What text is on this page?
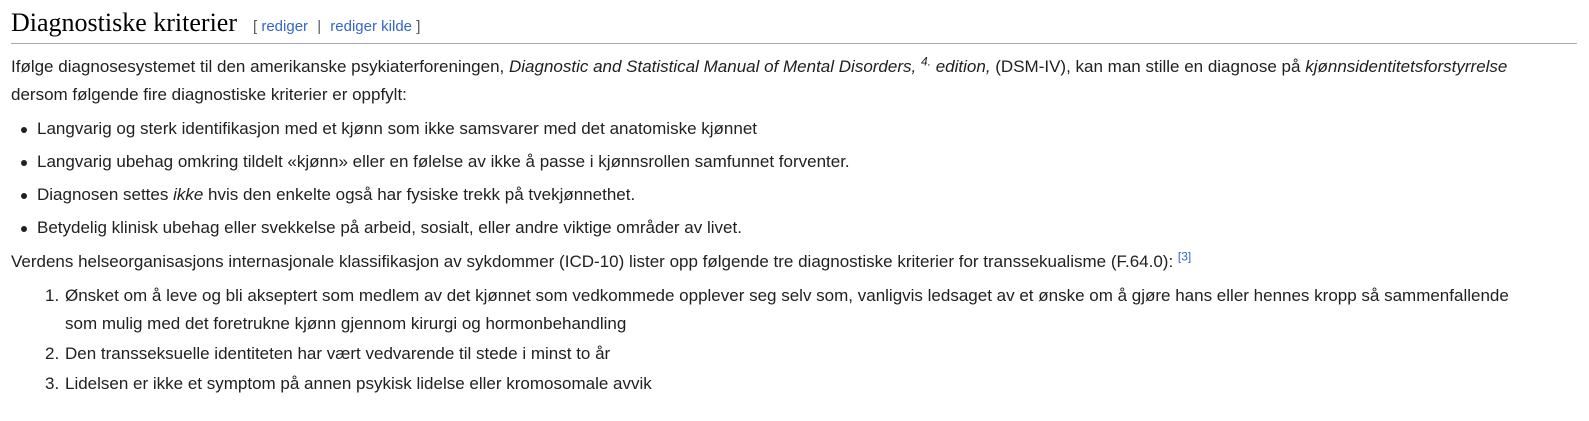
Diagnostiske kriterier [ rediger | rediger kilde ]

Ifølge diagnosesystemet til den amerikanske psykiaterforeningen, Diagnostic and Statistical Manual of Mental Disorders, $^{4.}$ edition, (DSM-IV), kan man stille en diagnose på kjønnsidentitetsforstyrrelse
dersom følgende fire diagnostiske kriterier er oppfylt:

Langvarig og sterk identifikasjon med et kjønn som ikke samsvarer med det anatomiske kjønnet
Langvarig ubehag omkring tildelt «kjønn» eller en følelse av ikke å passe i kjønnsrollen samfunnet forventer.
Diagnosen settes ikke hvis den enkelte også har fysiske trekk på tvekjønnethet.
Betydelig klinisk ubehag eller svekkelse på arbeid, sosialt, eller andre viktige områder av livet.

Verdens helseorganisasjons internasjonale klassifikasjon av sykdommer (ICD-10) lister opp følgende tre diagnostiske kriterier for transsekualisme (F.64.0): [3]

1. Ønsket om å leve og bli akseptert som medlem av det kjønnet som vedkommede opplever seg selv som, vanligvis ledsaget av et ønske om å gjøre hans eller hennes kropp så sammenfallende
som mulig med det foretrukne kjønn gjennom kirurgi og hormonbehandling
2. Den transseksuelle identiteten har vært vedvarende til stede i minst to år
3. Lidelsen er ikke et symptom på annen psykisk lidelse eller kromosomale avvik
